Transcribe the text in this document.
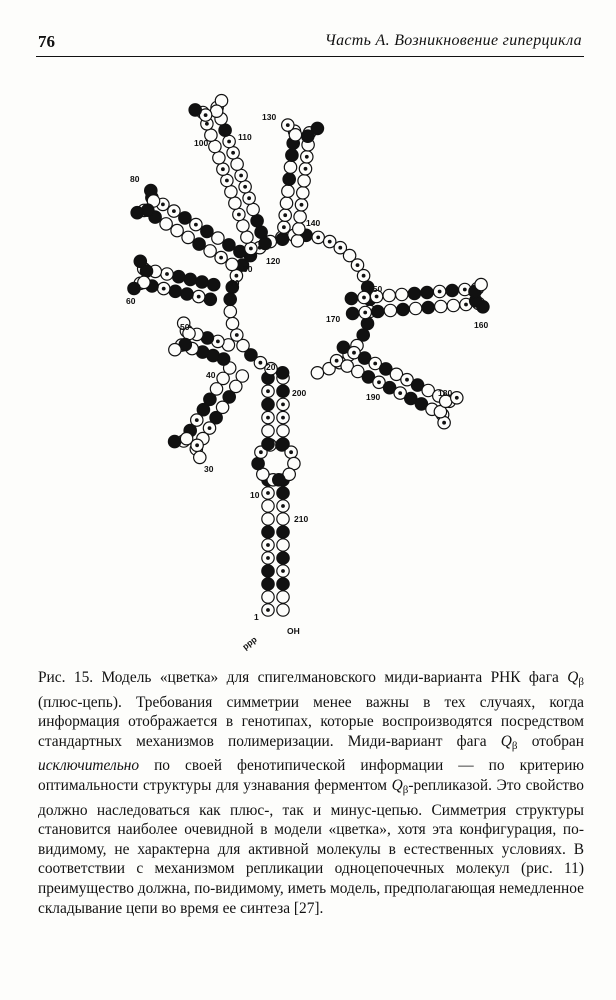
76	Часть А. Возникновение гиперцикла
1
10
20
30
40
50
60
70
80
90
100
110
120
130
140
150
160
170
180
190
200
210
ppp
OH
Рис. 15. Модель «цветка» для спигелмановского миди-варианта РНК фага $Q_\beta$ (плюс-цепь). Требования симметрии менее важны в тех случаях, когда информация отображается в генотипах, которые воспроизводятся посредством стандартных механизмов полимеризации. Миди-вариант фага $Q_\beta$ отобран исключительно по своей фенотипической информации — по критерию оптимальности структуры для узнавания ферментом $Q_\beta$-репликазой. Это свойство должно наследоваться как плюс-, так и минус-цепью. Симметрия структуры становится наиболее очевидной в модели «цветка», хотя эта конфигурация, по-видимому, не характерна для активной молекулы в естественных условиях. В соответствии с механизмом репликации одноцепочечных молекул (рис. 11) преимущество должна, по-видимому, иметь модель, предполагающая немедленное складывание цепи во время ее синтеза [27].
